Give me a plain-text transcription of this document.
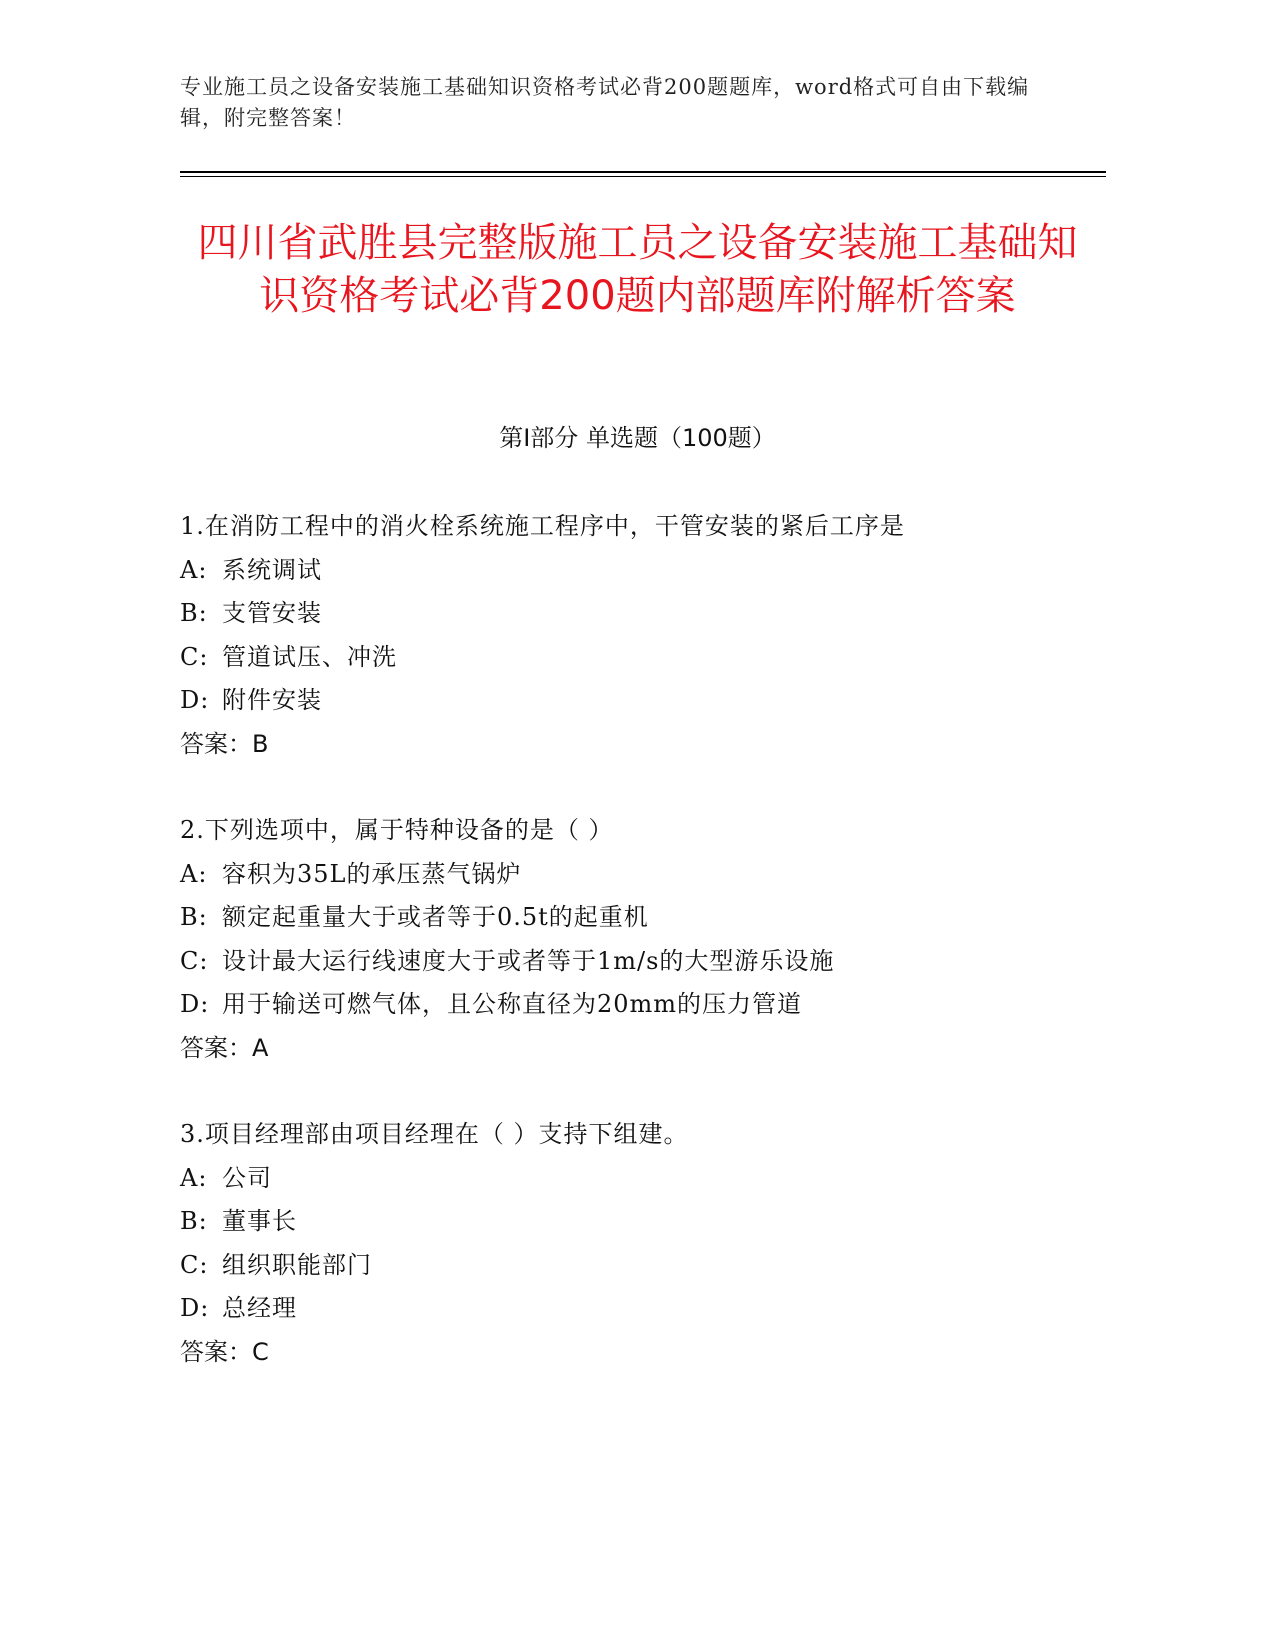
专业施工员之设备安装施工基础知识资格考试必背200题题库，word格式可自由下载编辑，附完整答案！
四川省武胜县完整版施工员之设备安装施工基础知识资格考试必背200题内部题库附解析答案
第I部分 单选题（100题）
1.在消防工程中的消火栓系统施工程序中，干管安装的紧后工序是
A: 系统调试
B: 支管安装
C: 管道试压、冲洗
D: 附件安装
答案：B
2.下列选项中，属于特种设备的是（ ）
A: 容积为35L的承压蒸气锅炉
B: 额定起重量大于或者等于0.5t的起重机
C: 设计最大运行线速度大于或者等于1m/s的大型游乐设施
D: 用于输送可燃气体，且公称直径为20mm的压力管道
答案：A
3.项目经理部由项目经理在（ ）支持下组建。
A: 公司
B: 董事长
C: 组织职能部门
D: 总经理
答案：C
